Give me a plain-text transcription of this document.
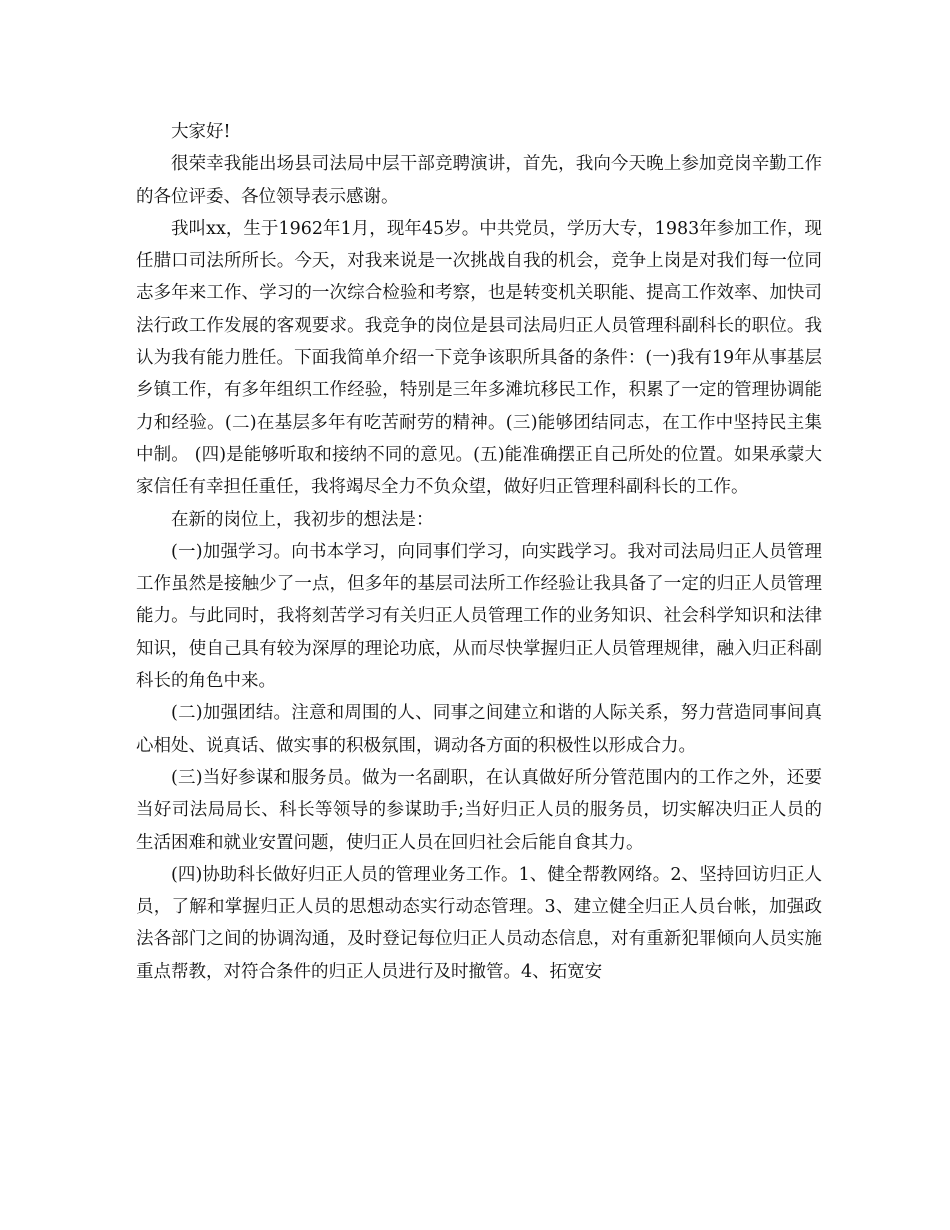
大家好!

很荣幸我能出场县司法局中层干部竞聘演讲，首先，我向今天晚上参加竞岗辛勤工作的各位评委、各位领导表示感谢。

我叫xx，生于1962年1月，现年45岁。中共党员，学历大专，1983年参加工作，现任腊口司法所所长。今天，对我来说是一次挑战自我的机会，竞争上岗是对我们每一位同志多年来工作、学习的一次综合检验和考察，也是转变机关职能、提高工作效率、加快司法行政工作发展的客观要求。我竞争的岗位是县司法局归正人员管理科副科长的职位。我认为我有能力胜任。下面我简单介绍一下竞争该职所具备的条件：(一)我有19年从事基层乡镇工作，有多年组织工作经验，特别是三年多滩坑移民工作，积累了一定的管理协调能力和经验。(二)在基层多年有吃苦耐劳的精神。(三)能够团结同志，在工作中坚持民主集中制。 (四)是能够听取和接纳不同的意见。(五)能准确摆正自己所处的位置。如果承蒙大家信任有幸担任重任，我将竭尽全力不负众望，做好归正管理科副科长的工作。

在新的岗位上，我初步的想法是：

(一)加强学习。向书本学习，向同事们学习，向实践学习。我对司法局归正人员管理工作虽然是接触少了一点，但多年的基层司法所工作经验让我具备了一定的归正人员管理能力。与此同时，我将刻苦学习有关归正人员管理工作的业务知识、社会科学知识和法律知识，使自己具有较为深厚的理论功底，从而尽快掌握归正人员管理规律，融入归正科副科长的角色中来。

(二)加强团结。注意和周围的人、同事之间建立和谐的人际关系，努力营造同事间真心相处、说真话、做实事的积极氛围，调动各方面的积极性以形成合力。

(三)当好参谋和服务员。做为一名副职，在认真做好所分管范围内的工作之外，还要当好司法局局长、科长等领导的参谋助手;当好归正人员的服务员，切实解决归正人员的生活困难和就业安置问题，使归正人员在回归社会后能自食其力。

(四)协助科长做好归正人员的管理业务工作。1、健全帮教网络。2、坚持回访归正人员，了解和掌握归正人员的思想动态实行动态管理。3、建立健全归正人员台帐，加强政法各部门之间的协调沟通，及时登记每位归正人员动态信息，对有重新犯罪倾向人员实施重点帮教，对符合条件的归正人员进行及时撤管。4、拓宽安
